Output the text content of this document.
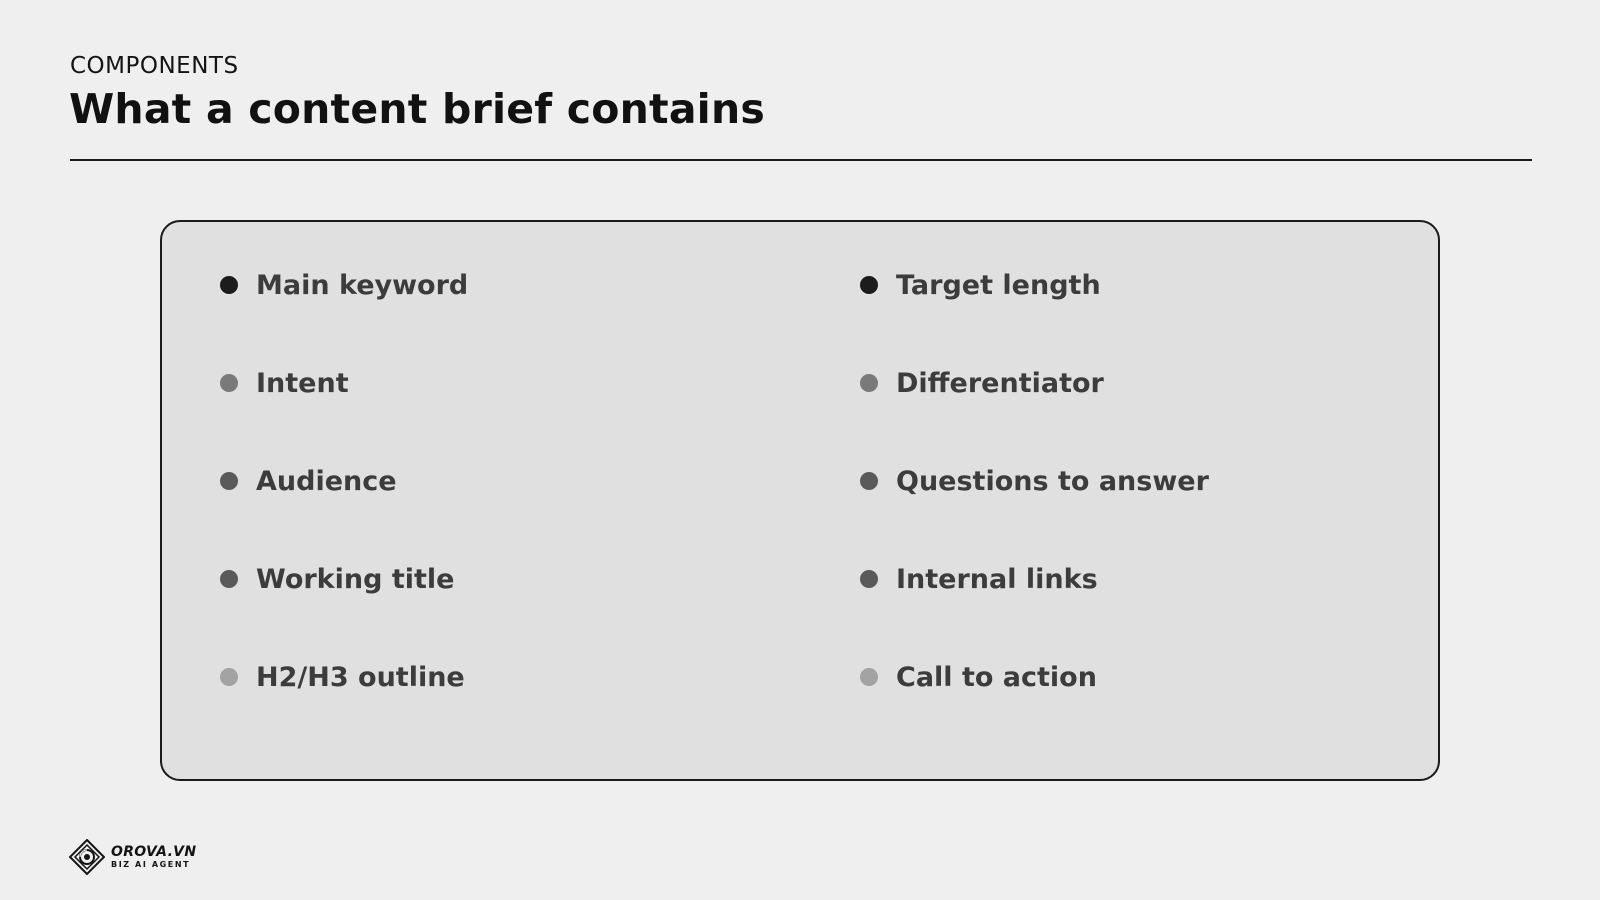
COMPONENTS
What a content brief contains
Main keyword
Intent
Audience
Working title
H2/H3 outline
Target length
Differentiator
Questions to answer
Internal links
Call to action
OROVA.VN
BIZ AI AGENT
